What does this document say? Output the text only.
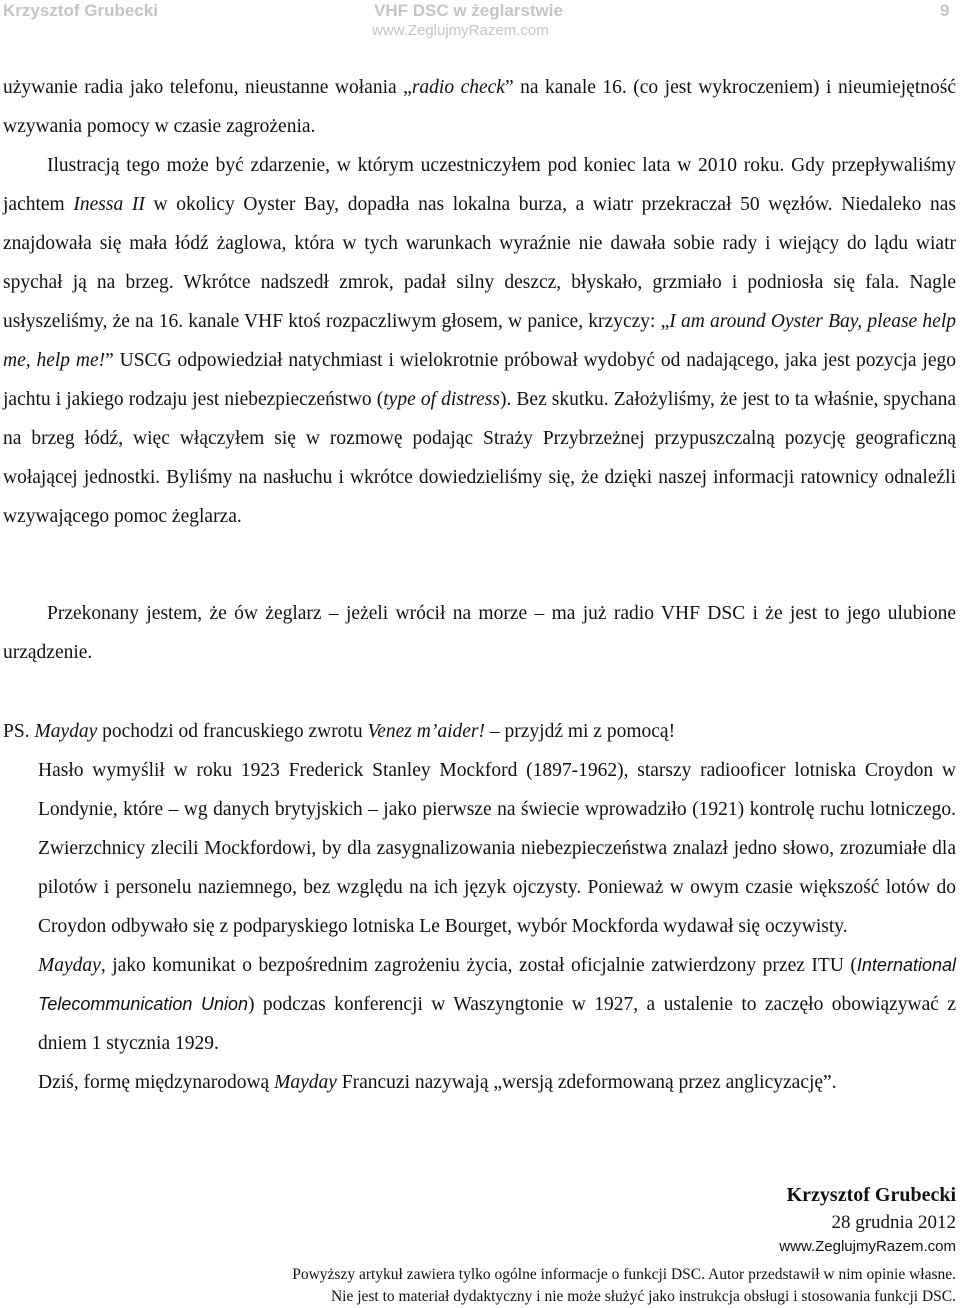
Krzysztof Grubecki	VHF DSC w żeglarstwie
www.ZeglujmyRazem.com
9

używanie radia jako telefonu, nieustanne wołania „radio check” na kanale 16. (co jest wykroczeniem) i nieumiejętność wzywania pomocy w czasie zagrożenia.

Ilustracją tego może być zdarzenie, w którym uczestniczyłem pod koniec lata w 2010 roku. Gdy przepływaliśmy jachtem Inessa II w okolicy Oyster Bay, dopadła nas lokalna burza, a wiatr przekraczał 50 węzłów. Niedaleko nas znajdowała się mała łódź żaglowa, która w tych warunkach wyraźnie nie dawała sobie rady i wiejący do lądu wiatr spychał ją na brzeg. Wkrótce nadszedł zmrok, padał silny deszcz, błyskało, grzmiało i podniosła się fala. Nagle usłyszeliśmy, że na 16. kanale VHF ktoś rozpaczliwym głosem, w panice, krzyczy: „I am around Oyster Bay, please help me, help me!” USCG odpowiedział natychmiast i wielokrotnie próbował wydobyć od nadającego, jaka jest pozycja jego jachtu i jakiego rodzaju jest niebezpieczeństwo (type of distress). Bez skutku. Założyliśmy, że jest to ta właśnie, spychana na brzeg łódź, więc włączyłem się w rozmowę podając Straży Przybrzeżnej przypuszczalną pozycję geograficzną wołającej jednostki. Byliśmy na nasłuchu i wkrótce dowiedzieliśmy się, że dzięki naszej informacji ratownicy odnaleźli wzywającego pomoc żeglarza.

Przekonany jestem, że ów żeglarz – jeżeli wrócił na morze – ma już radio VHF DSC i że jest to jego ulubione urządzenie.

PS. Mayday pochodzi od francuskiego zwrotu Venez m’aider! – przyjdź mi z pomocą!

Hasło wymyślił w roku 1923 Frederick Stanley Mockford (1897-1962), starszy radiooficer lotniska Croydon w Londynie, które – wg danych brytyjskich – jako pierwsze na świecie wprowadziło (1921) kontrolę ruchu lotniczego. Zwierzchnicy zlecili Mockfordowi, by dla zasygnalizowania niebezpieczeństwa znalazł jedno słowo, zrozumiałe dla pilotów i personelu naziemnego, bez względu na ich język ojczysty. Ponieważ w owym czasie większość lotów do Croydon odbywało się z podparyskiego lotniska Le Bourget, wybór Mockforda wydawał się oczywisty.

Mayday, jako komunikat o bezpośrednim zagrożeniu życia, został oficjalnie zatwierdzony przez ITU (International Telecommunication Union) podczas konferencji w Waszyngtonie w 1927, a ustalenie to zaczęło obowiązywać z dniem 1 stycznia 1929.

Dziś, formę międzynarodową Mayday Francuzi nazywają „wersją zdeformowaną przez anglicyzację”.

Krzysztof Grubecki
28 grudnia 2012
www.ZeglujmyRazem.com
Powyższy artykuł zawiera tylko ogólne informacje o funkcji DSC. Autor przedstawił w nim opinie własne.
Nie jest to materiał dydaktyczny i nie może służyć jako instrukcja obsługi i stosowania funkcji DSC.
